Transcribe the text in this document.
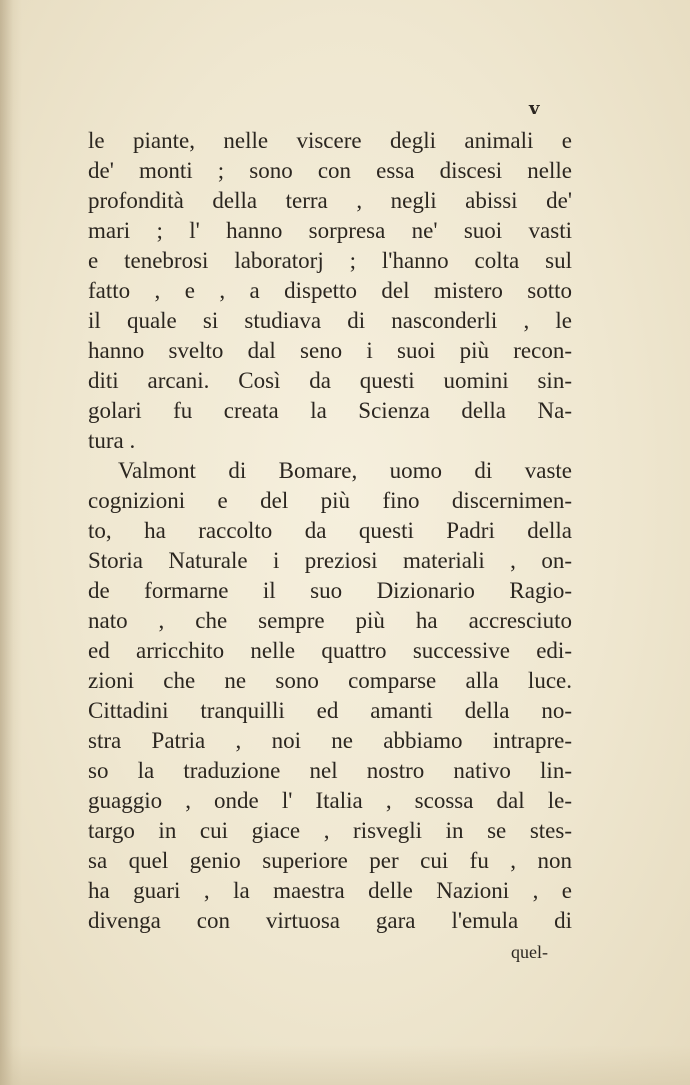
v

le piante, nelle viscere degli animali e
de' monti ; sono con essa discesi nelle
profondità della terra , negli abissi de'
mari ; l' hanno sorpresa ne' suoi vasti
e tenebrosi laboratorj ; l'hanno colta sul
fatto , e , a dispetto del mistero sotto
il quale si studiava di nasconderli , le
hanno svelto dal seno i suoi più recon-
diti arcani. Così da questi uomini sin-
golari fu creata la Scienza della Na-
tura .
Valmont di Bomare, uomo di vaste
cognizioni e del più fino discernimen-
to, ha raccolto da questi Padri della
Storia Naturale i preziosi materiali , on-
de formarne il suo Dizionario Ragio-
nato , che sempre più ha accresciuto
ed arricchito nelle quattro successive edi-
zioni che ne sono comparse alla luce.
Cittadini tranquilli ed amanti della no-
stra Patria , noi ne abbiamo intrapre-
so la traduzione nel nostro nativo lin-
guaggio , onde l' Italia , scossa dal le-
targo in cui giace , risvegli in se stes-
sa quel genio superiore per cui fu , non
ha guari , la maestra delle Nazioni , e
divenga con virtuosa gara l'emula di

quel-
